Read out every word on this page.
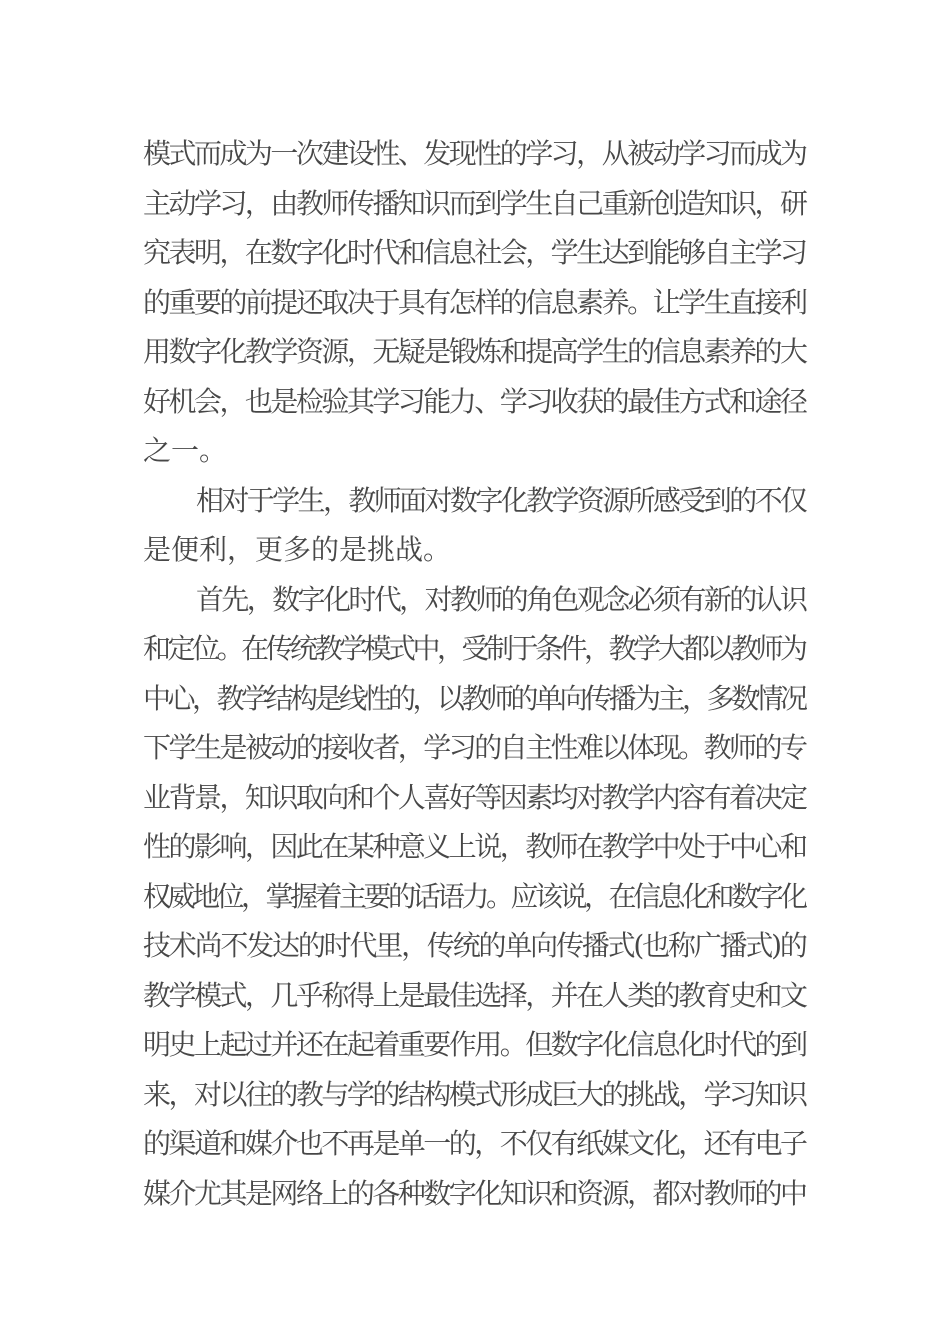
模式而成为一次建设性、发现性的学习，从被动学习而成为
主动学习，由教师传播知识而到学生自己重新创造知识，研
究表明，在数字化时代和信息社会，学生达到能够自主学习
的重要的前提还取决于具有怎样的信息素养。让学生直接利
用数字化教学资源，无疑是锻炼和提高学生的信息素养的大
好机会，也是检验其学习能力、学习收获的最佳方式和途径
之一。
相对于学生，教师面对数字化教学资源所感受到的不仅
是便利，更多的是挑战。
首先，数字化时代，对教师的角色观念必须有新的认识
和定位。在传统教学模式中，受制于条件，教学大都以教师为
中心，教学结构是线性的，以教师的单向传播为主，多数情况
下学生是被动的接收者，学习的自主性难以体现。教师的专
业背景，知识取向和个人喜好等因素均对教学内容有着决定
性的影响，因此在某种意义上说，教师在教学中处于中心和
权威地位，掌握着主要的话语力。应该说，在信息化和数字化
技术尚不发达的时代里，传统的单向传播式(也称广播式)的
教学模式，几乎称得上是最佳选择，并在人类的教育史和文
明史上起过并还在起着重要作用。但数字化信息化时代的到
来，对以往的教与学的结构模式形成巨大的挑战，学习知识
的渠道和媒介也不再是单一的，不仅有纸媒文化，还有电子
媒介尤其是网络上的各种数字化知识和资源，都对教师的中
